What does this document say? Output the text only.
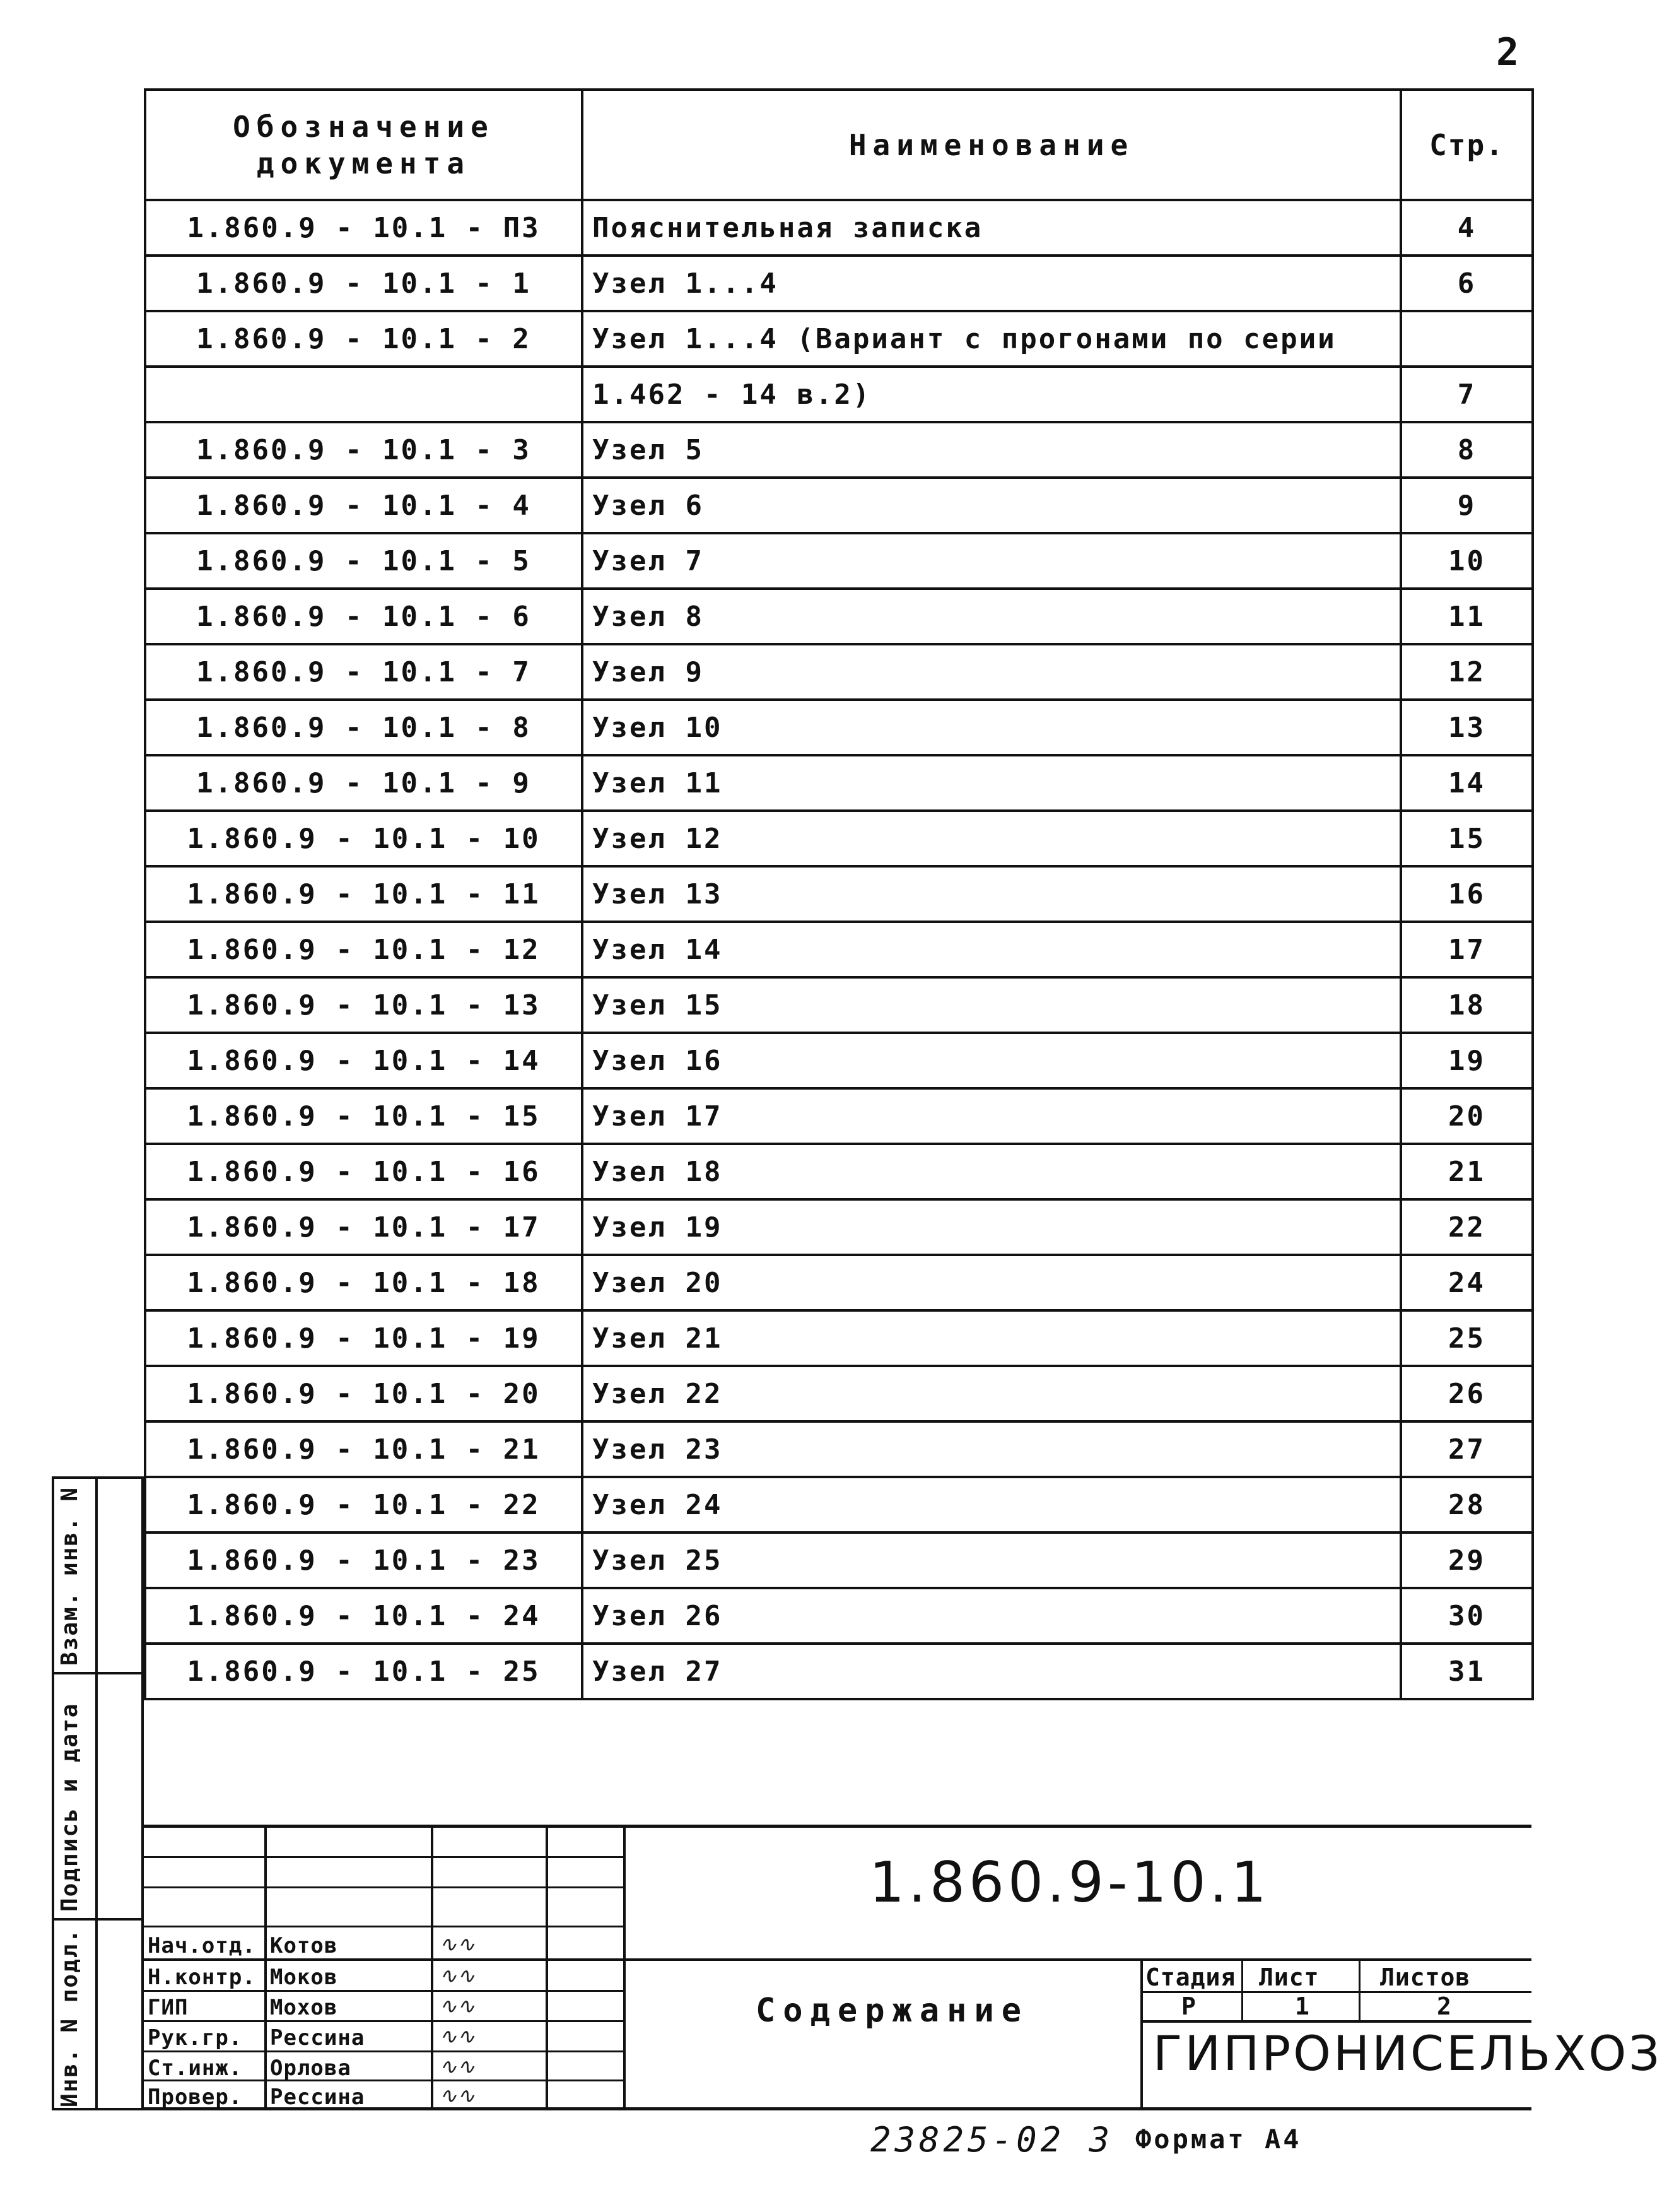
2
Обозначение документа	Наименование	Стр.
1.860.9 - 10.1 - ПЗ	Пояснительная записка	4
1.860.9 - 10.1 - 1	Узел 1...4	6
1.860.9 - 10.1 - 2	Узел 1...4 (Вариант с прогонами по серии	
	1.462 - 14 в.2)	7
1.860.9 - 10.1 - 3	Узел 5	8
1.860.9 - 10.1 - 4	Узел 6	9
1.860.9 - 10.1 - 5	Узел 7	10
1.860.9 - 10.1 - 6	Узел 8	11
1.860.9 - 10.1 - 7	Узел 9	12
1.860.9 - 10.1 - 8	Узел 10	13
1.860.9 - 10.1 - 9	Узел 11	14
1.860.9 - 10.1 - 10	Узел 12	15
1.860.9 - 10.1 - 11	Узел 13	16
1.860.9 - 10.1 - 12	Узел 14	17
1.860.9 - 10.1 - 13	Узел 15	18
1.860.9 - 10.1 - 14	Узел 16	19
1.860.9 - 10.1 - 15	Узел 17	20
1.860.9 - 10.1 - 16	Узел 18	21
1.860.9 - 10.1 - 17	Узел 19	22
1.860.9 - 10.1 - 18	Узел 20	24
1.860.9 - 10.1 - 19	Узел 21	25
1.860.9 - 10.1 - 20	Узел 22	26
1.860.9 - 10.1 - 21	Узел 23	27
1.860.9 - 10.1 - 22	Узел 24	28
1.860.9 - 10.1 - 23	Узел 25	29
1.860.9 - 10.1 - 24	Узел 26	30
1.860.9 - 10.1 - 25	Узел 27	31
1.860.9-10.1
Содержание
Стадия Лист	Листов
Р	1	2
ГИПРОНИСЕЛЬХОЗ
Нач.отд. Котов	∿∿
Н.контр. Моков	∿∿
ГИП	Мохов	∿∿
Рук.гр. Рессина	∿∿
Ст.инж. Орлова	∿∿
Провер. Рессина	∿∿
Инв. N подл.
Подпись и дата
Взам. инв. N
23825-02 3 Формат А4
